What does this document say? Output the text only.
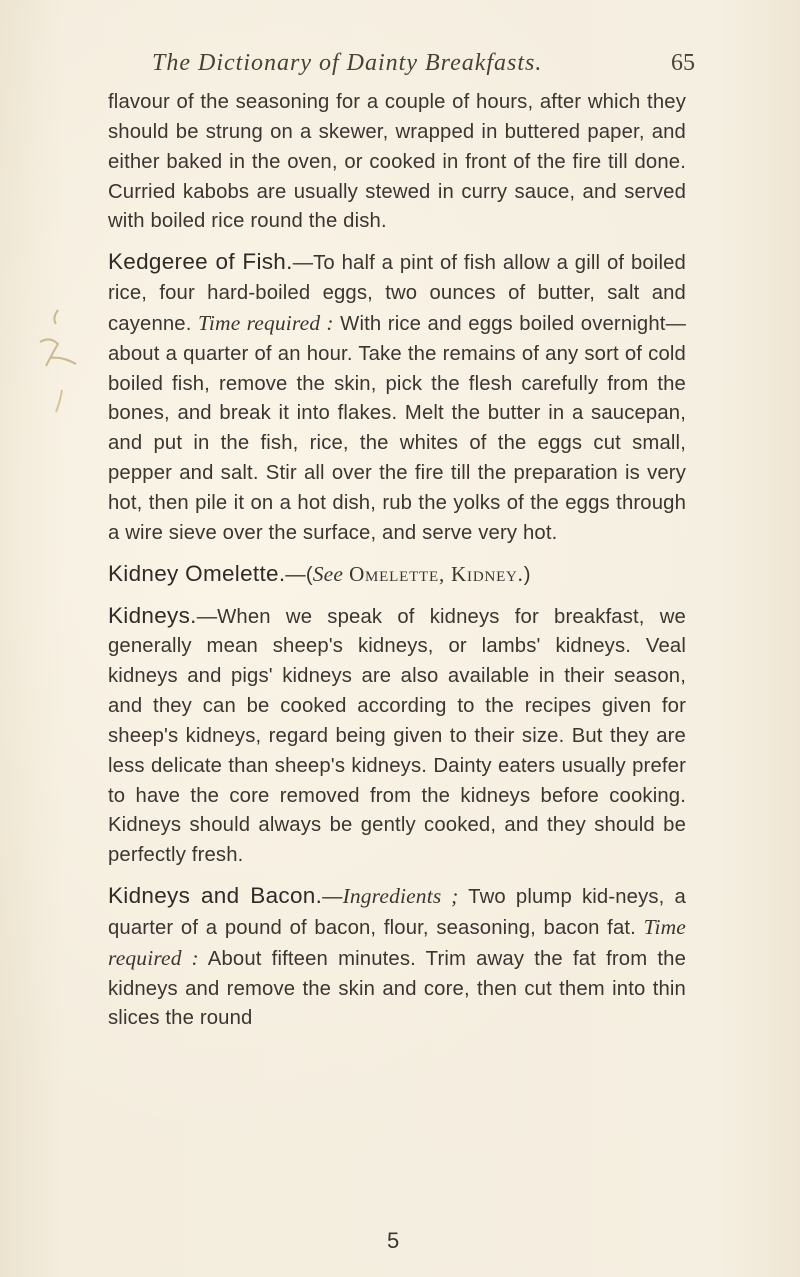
The Dictionary of Dainty Breakfasts.	65

flavour of the seasoning for a couple of hours, after which they should be strung on a skewer, wrapped in buttered paper, and either baked in the oven, or cooked in front of the fire till done. Curried kabobs are usually stewed in curry sauce, and served with boiled rice round the dish.

Kedgeree of Fish.—To half a pint of fish allow a gill of boiled rice, four hard-boiled eggs, two ounces of butter, salt and cayenne. Time required : With rice and eggs boiled overnight—about a quarter of an hour. Take the remains of any sort of cold boiled fish, remove the skin, pick the flesh carefully from the bones, and break it into flakes. Melt the butter in a saucepan, and put in the fish, rice, the whites of the eggs cut small, pepper and salt. Stir all over the fire till the preparation is very hot, then pile it on a hot dish, rub the yolks of the eggs through a wire sieve over the surface, and serve very hot.

Kidney Omelette.—(See Omelette, Kidney.)

Kidneys.—When we speak of kidneys for breakfast, we generally mean sheep's kidneys, or lambs' kidneys. Veal kidneys and pigs' kidneys are also available in their season, and they can be cooked according to the recipes given for sheep's kidneys, regard being given to their size. But they are less delicate than sheep's kidneys. Dainty eaters usually prefer to have the core removed from the kidneys before cooking. Kidneys should always be gently cooked, and they should be perfectly fresh.

Kidneys and Bacon.—Ingredients ; Two plump kid-neys, a quarter of a pound of bacon, flour, seasoning, bacon fat. Time required : About fifteen minutes. Trim away the fat from the kidneys and remove the skin and core, then cut them into thin slices the round

5
